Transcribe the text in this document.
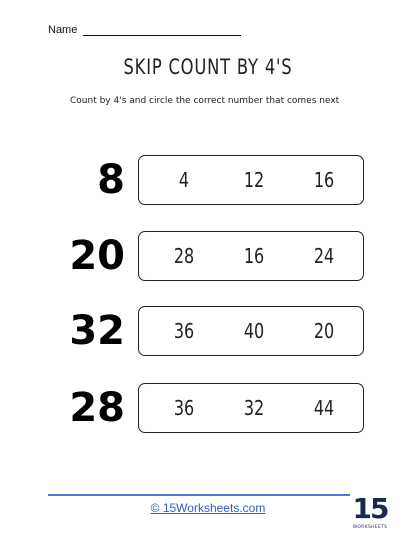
Name
SKIP COUNT BY 4'S
Count by 4's and circle the correct number that comes next
8	4	12	16
20	28	16	24
32	36	40	20
28	36	32	44
© 15Worksheets.com	15
WORKSHEETS
